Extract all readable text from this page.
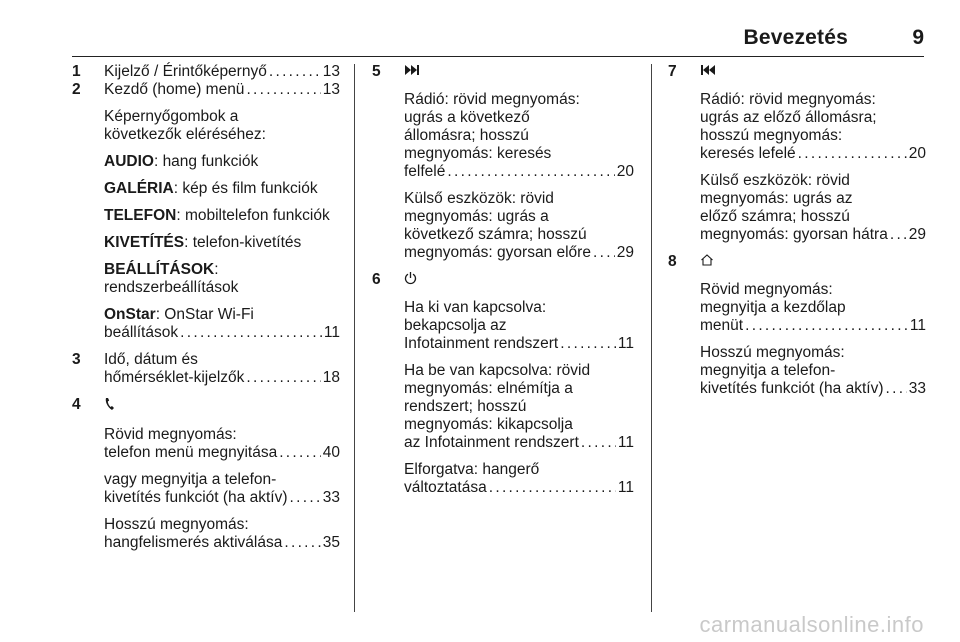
Bevezetés	9
1	Kijelző / Érintőképernyő . . .	13
2	Kezdő (home) menü . . .	13
Képernyőgombok a
következők eléréséhez:
AUDIO: hang funkciók
GALÉRIA: kép és film funkciók
TELEFON: mobiltelefon funkciók
KIVETÍTÉS: telefon-kivetítés
BEÁLLÍTÁSOK:
rendszerbeállítások
OnStar: OnStar Wi-Fi
beállítások . . .	11
3	Idő, dátum és
hőmérséklet-kijelzők . . .	18
4
Rövid megnyomás:
telefon menü megnyitása . . .	40
vagy megnyitja a telefon-
kivetítés funkciót (ha aktív) . . . 33
Hosszú megnyomás:
hangfelismerés aktiválása . . .	35
5
Rádió: rövid megnyomás:
ugrás a következő
állomásra; hosszú
megnyomás: keresés
felfelé . . .	20
Külső eszközök: rövid
megnyomás: ugrás a
következő számra; hosszú
megnyomás: gyorsan előre . . . 29
6
Ha ki van kapcsolva:
bekapcsolja az
Infotainment rendszert . . .	11
Ha be van kapcsolva: rövid
megnyomás: elnémítja a
rendszert; hosszú
megnyomás: kikapcsolja
az Infotainment rendszert . . .	11
Elforgatva: hangerő
változtatása . . .	11
7
Rádió: rövid megnyomás:
ugrás az előző állomásra;
hosszú megnyomás:
keresés lefelé . . .	20
Külső eszközök: rövid
megnyomás: ugrás az
előző számra; hosszú
megnyomás: gyorsan hátra . . . 29
8
Rövid megnyomás:
megnyitja a kezdőlap
menüt . . .	11
Hosszú megnyomás:
megnyitja a telefon-
kivetítés funkciót (ha aktív) . . . 33
carmanualsonline.info
